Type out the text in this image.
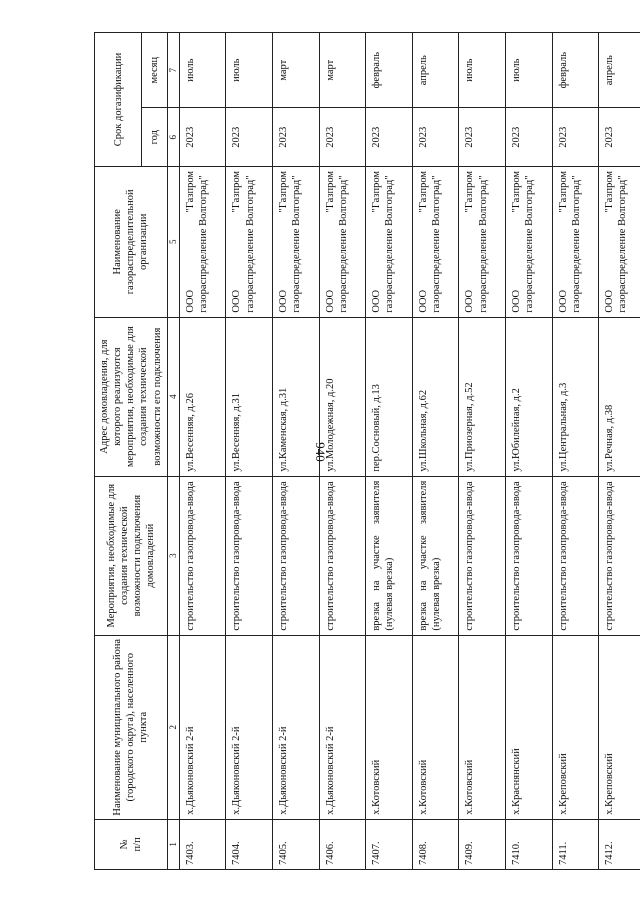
940
№
п/п	Наименование муниципального района (городского округа), населенного пункта	Мероприятия, необходимые для создания технической возможности подключения домовладений	Адрес домовладения, для которого реализуются мероприятия, необходимые для создания технической возможности его подключения	Наименование газораспределительной организации	Срок догазификации	
					год	месяц
1	2	3	4	5	6	7
7403.	х.Дьяконовский 2-й	строительство газопровода-ввода	ул.Весенняя, д.26	ООО "Газпром газораспределение Волгоград"	2023	июль
7404.	х.Дьяконовский 2-й	строительство газопровода-ввода	ул.Весенняя, д.31	ООО "Газпром газораспределение Волгоград"	2023	июль
7405.	х.Дьяконовский 2-й	строительство газопровода-ввода	ул.Каменская, д.31	ООО "Газпром газораспределение Волгоград"	2023	март
7406.	х.Дьяконовский 2-й	строительство газопровода-ввода	ул.Молодежная, д.20	ООО "Газпром газораспределение Волгоград"	2023	март
7407.	х.Котовский	врезка на участке заявителя (нулевая врезка)	пер.Сосновый, д.13	ООО "Газпром газораспределение Волгоград"	2023	февраль
7408.	х.Котовский	врезка на участке заявителя (нулевая врезка)	ул.Школьная, д.62	ООО "Газпром газораспределение Волгоград"	2023	апрель
7409.	х.Котовский	строительство газопровода-ввода	ул.Приозерная, д.52	ООО "Газпром газораспределение Волгоград"	2023	июль
7410.	х.Краснянский	строительство газопровода-ввода	ул.Юбилейная, д.2	ООО "Газпром газораспределение Волгоград"	2023	июль
7411.	х.Креповский	строительство газопровода-ввода	ул.Центральная, д.3	ООО "Газпром газораспределение Волгоград"	2023	февраль
7412.	х.Креповский	строительство газопровода-ввода	ул.Речная, д.38	ООО "Газпром газораспределение Волгоград"	2023	апрель
